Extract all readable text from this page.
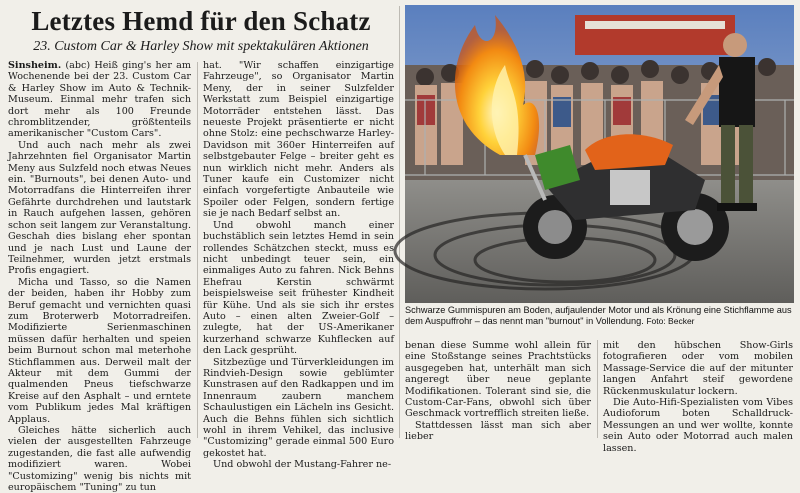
Letztes Hemd für den Schatz
23. Custom Car & Harley Show mit spektakulären Aktionen

Sinsheim. (abc) Heiß ging's her am Wochenende bei der 23. Custom Car & Harley Show im Auto & Technik-Museum. Einmal mehr trafen sich dort mehr als 100 Freunde chromblitzender, größtenteils amerikanischer "Custom Cars".

Und auch nach mehr als zwei Jahrzehnten fiel Organisator Martin Meny aus Sulzfeld noch etwas Neues ein. "Burnouts", bei denen Auto- und Motorradfans die Hinterreifen ihrer Gefährte durchdrehen und lautstark in Rauch aufgehen lassen, gehören schon seit langem zur Veranstaltung. Geschah dies bislang eher spontan und je nach Lust und Laune der Teilnehmer, wurden jetzt erstmals Profis engagiert.

Micha und Tasso, so die Namen der beiden, haben ihr Hobby zum Beruf gemacht und vernichten quasi zum Broterwerb Motorradreifen. Modifizierte Serienmaschinen müssen dafür herhalten und speien beim Burnout schon mal meterhohe Stichflammen aus. Derweil malt der Akteur mit dem Gummi der qualmenden Pneus tiefschwarze Kreise auf den Asphalt – und erntete vom Publikum jedes Mal kräftigen Applaus.

Gleiches hätte sicherlich auch vielen der ausgestellten Fahrzeuge zugestanden, die fast alle aufwendig modifiziert waren. Wobei "Customizing" wenig bis nichts mit europäischem "Tuning" zu tun

hat. "Wir schaffen einzigartige Fahrzeuge", so Organisator Martin Meny, der in seiner Sulzfelder Werkstatt zum Beispiel einzigartige Motorräder entstehen lässt. Das neueste Projekt präsentierte er nicht ohne Stolz: eine pechschwarze Harley-Davidson mit 360er Hinterreifen auf selbstgebauter Felge – breiter geht es nun wirklich nicht mehr. Anders als Tuner kaufe ein Customizer nicht einfach vorgefertigte Anbauteile wie Spoiler oder Felgen, sondern fertige sie je nach Bedarf selbst an.

Und obwohl manch einer buchstäblich sein letztes Hemd in sein rollendes Schätzchen steckt, muss es nicht unbedingt teuer sein, ein einmaliges Auto zu fahren. Nick Behns Ehefrau Kerstin schwärmt beispielsweise seit frühester Kindheit für Kühe. Und als sie sich ihr erstes Auto – einen alten Zweier-Golf – zulegte, hat der US-Amerikaner kurzerhand schwarze Kuhflecken auf den Lack gesprüht.

Sitzbezüge und Türverkleidungen im Rindvieh-Design sowie geblümter Kunstrasen auf den Radkappen und im Innenraum zaubern manchem Schaulustigen ein Lächeln ins Gesicht. Auch die Behns fühlen sich sichtlich wohl in ihrem Vehikel, das inclusive "Customizing" gerade einmal 500 Euro gekostet hat.

Und obwohl der Mustang-Fahrer ne-

Schwarze Gummispuren am Boden, aufjaulender Motor und als Krönung eine Stichflamme aus dem Auspuffrohr – das nennt man "burnout" in Vollendung. Foto: Becker

benan diese Summe wohl allein für eine Stoßstange seines Prachtstücks ausgegeben hat, unterhält man sich angeregt über neue geplante Modifikationen. Tolerant sind sie, die Custom-Car-Fans, obwohl sich über Geschmack vortrefflich streiten ließe.

Stattdessen lässt man sich aber lieber

mit den hübschen Show-Girls fotografieren oder vom mobilen Massage-Service die auf der mitunter langen Anfahrt steif gewordene Rückenmuskulatur lockern.

Die Auto-Hifi-Spezialisten vom Vibes Audioforum boten Schalldruck-Messungen an und wer wollte, konnte sein Auto oder Motorrad auch malen lassen.
